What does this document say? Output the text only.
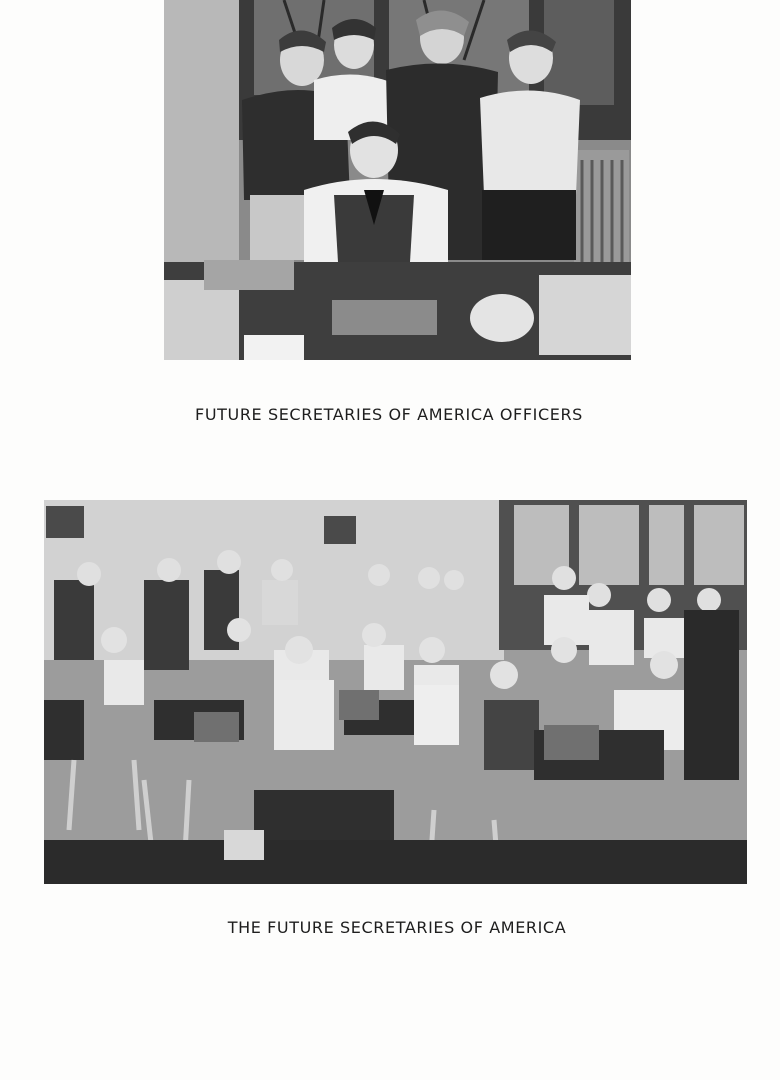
FUTURE SECRETARIES OF AMERICA OFFICERS
THE FUTURE SECRETARIES OF AMERICA
